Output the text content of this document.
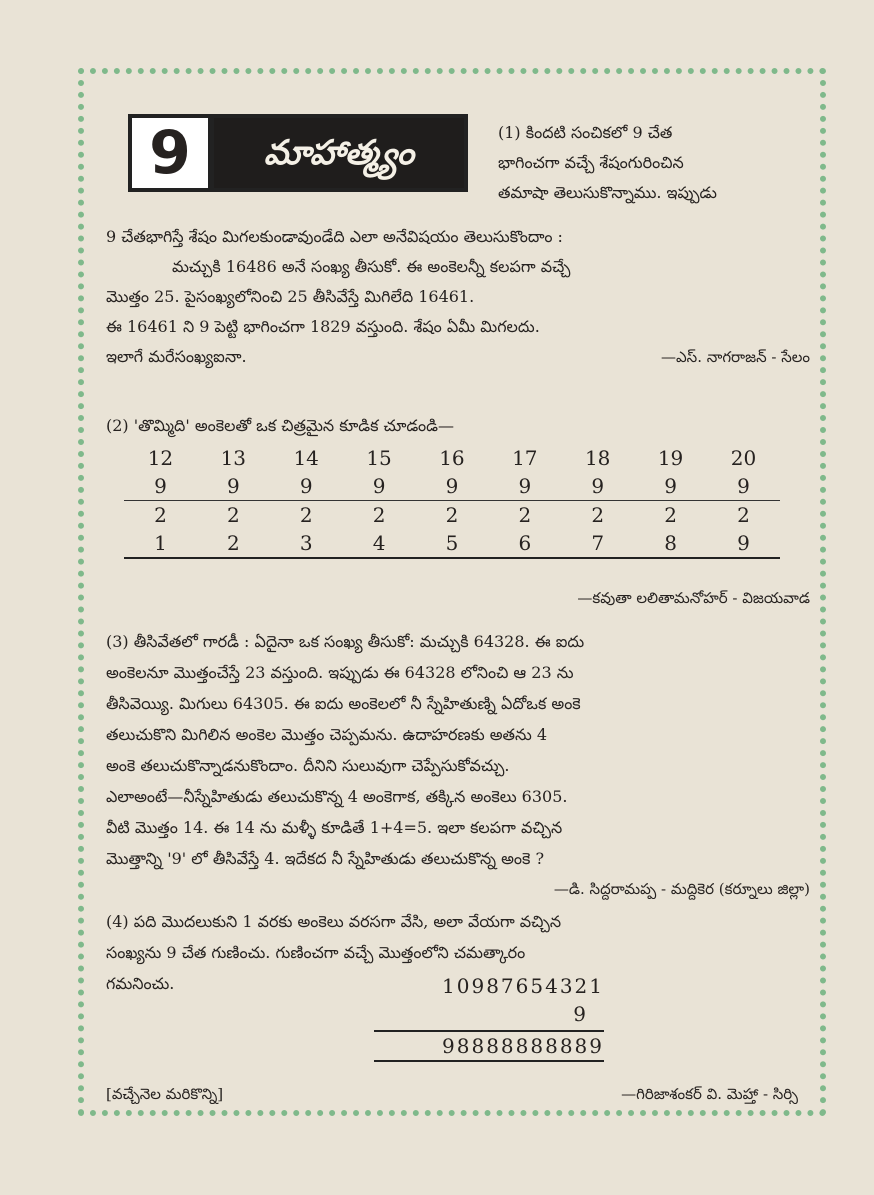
9	మాహాత్మ్యం
(1) కిందటి సంచికలో 9 చేత
భాగించగా వచ్చే శేషంగురించిన
తమాషా తెలుసుకొన్నాము. ఇప్పుడు
9 చేతభాగిస్తే శేషం మిగలకుండావుండేది ఎలా అనేవిషయం తెలుసుకొందాం :
మచ్చుకి 16486 అనే సంఖ్య తీసుకో. ఈ అంకెలన్నీ కలపగా వచ్చే
మొత్తం 25. పైసంఖ్యలోనించి 25 తీసివేస్తే మిగిలేది 16461.
ఈ 16461 ని 9 పెట్టి భాగించగా 1829 వస్తుంది. శేషం ఏమీ మిగలదు.
ఇలాగే మరేసంఖ్యఐనా.	—ఎస్. నాగరాజన్ - సేలం
(2) 'తొమ్మిది' అంకెలతో ఒక చిత్రమైన కూడిక చూడండి—
12	13	14	15	16	17	18	19	20
9	9	9	9	9	9	9	9	9
2	2	2	2	2	2	2	2	2
1	2	3	4	5	6	7	8	9
—కవుతా లలితామనోహర్ - విజయవాడ
(3) తీసివేతలో గారడీ : ఏదైనా ఒక సంఖ్య తీసుకో: మచ్చుకి 64328. ఈ ఐదు
అంకెలనూ మొత్తంచేస్తే 23 వస్తుంది. ఇప్పుడు ఈ 64328 లోనించి ఆ 23 ను
తీసివెయ్యి. మిగులు 64305. ఈ ఐదు అంకెలలో నీ స్నేహితుణ్ని ఏదోఒక అంకె
తలుచుకొని మిగిలిన అంకెల మొత్తం చెప్పమను. ఉదాహరణకు అతను 4
అంకె తలుచుకొన్నాడనుకొందాం. దీనిని సులువుగా చెప్పేసుకోవచ్చు.
ఎలాఅంటే—నీస్నేహితుడు తలుచుకొన్న 4 అంకెగాక, తక్కిన అంకెలు 6305.
వీటి మొత్తం 14. ఈ 14 ను మళ్ళీ కూడితే 1+4=5. ఇలా కలపగా వచ్చిన
మొత్తాన్ని '9' లో తీసివేస్తే 4. ఇదేకద నీ స్నేహితుడు తలుచుకొన్న అంకె ?
—డి. సిద్దరామప్ప - మద్దికెర (కర్నూలు జిల్లా)
(4) పది మొదలుకుని 1 వరకు అంకెలు వరసగా వేసి, అలా వేయగా వచ్చిన
సంఖ్యను 9 చేత గుణించు. గుణించగా వచ్చే మొత్తంలోని చమత్కారం
గమనించు.	10987654321
9
98888888889
[వచ్చేనెల మరికొన్ని]	—గిరిజాశంకర్ వి. మెహ్తా - సిర్సి
